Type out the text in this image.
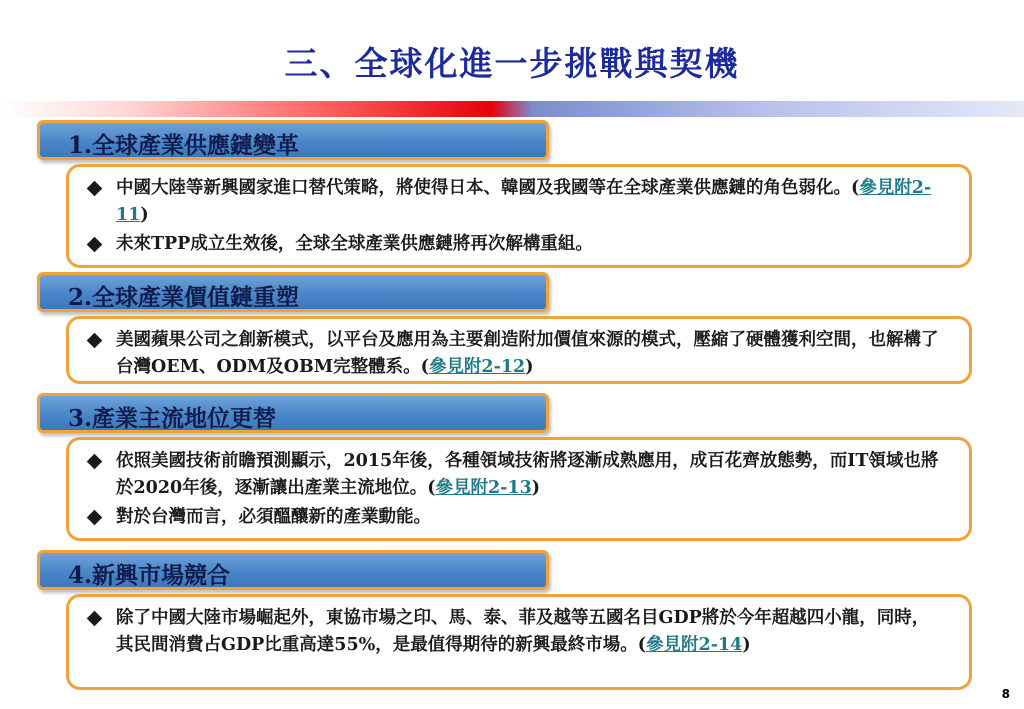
三、全球化進一步挑戰與契機
1.全球產業供應鏈變革
中國大陸等新興國家進口替代策略，將使得日本、韓國及我國等在全球產業供應鏈的角色弱化。(參見附2-11)
未來TPP成立生效後，全球全球產業供應鏈將再次解構重組。
2.全球產業價值鏈重塑
美國蘋果公司之創新模式，以平台及應用為主要創造附加價值來源的模式，壓縮了硬體獲利空間，也解構了台灣OEM、ODM及OBM完整體系。(參見附2-12)
3.產業主流地位更替
依照美國技術前瞻預測顯示，2015年後，各種領域技術將逐漸成熟應用，成百花齊放態勢，而IT領域也將於2020年後，逐漸讓出產業主流地位。(參見附2-13)
對於台灣而言，必須醞釀新的產業動能。
4.新興市場競合
除了中國大陸市場崛起外，東協市場之印、馬、泰、菲及越等五國名目GDP將於今年超越四小龍，同時，其民間消費占GDP比重高達55%，是最值得期待的新興最終市場。(參見附2-14)
8
